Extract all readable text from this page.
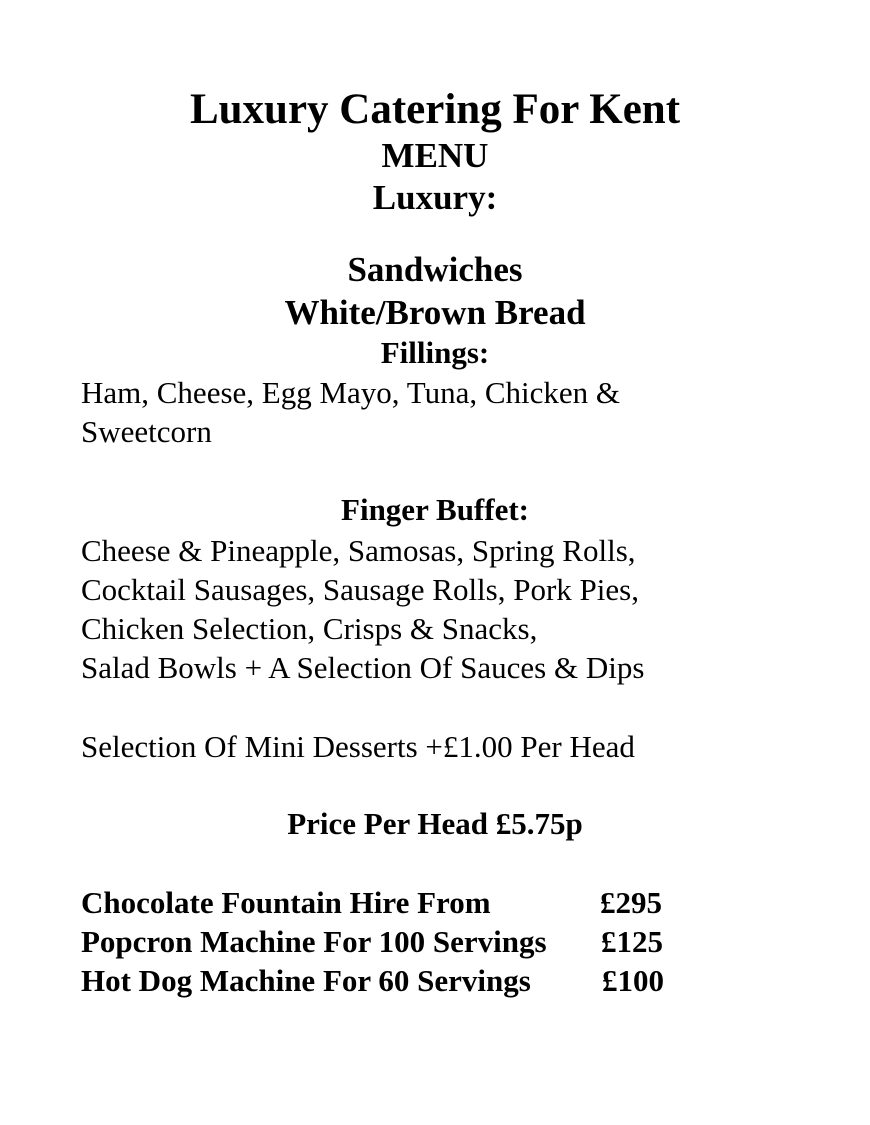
Luxury Catering For Kent
MENU
Luxury:
Sandwiches
White/Brown Bread
Fillings:
Ham, Cheese, Egg Mayo, Tuna, Chicken &
Sweetcorn
Finger Buffet:
Cheese & Pineapple, Samosas, Spring Rolls,
Cocktail Sausages, Sausage Rolls, Pork Pies,
Chicken Selection, Crisps & Snacks,
Salad Bowls + A Selection Of Sauces & Dips
Selection Of Mini Desserts +£1.00 Per Head
Price Per Head £5.75p
Chocolate Fountain Hire From	£295
Popcron Machine For 100 Servings £125
Hot Dog Machine For 60 Servings £100
